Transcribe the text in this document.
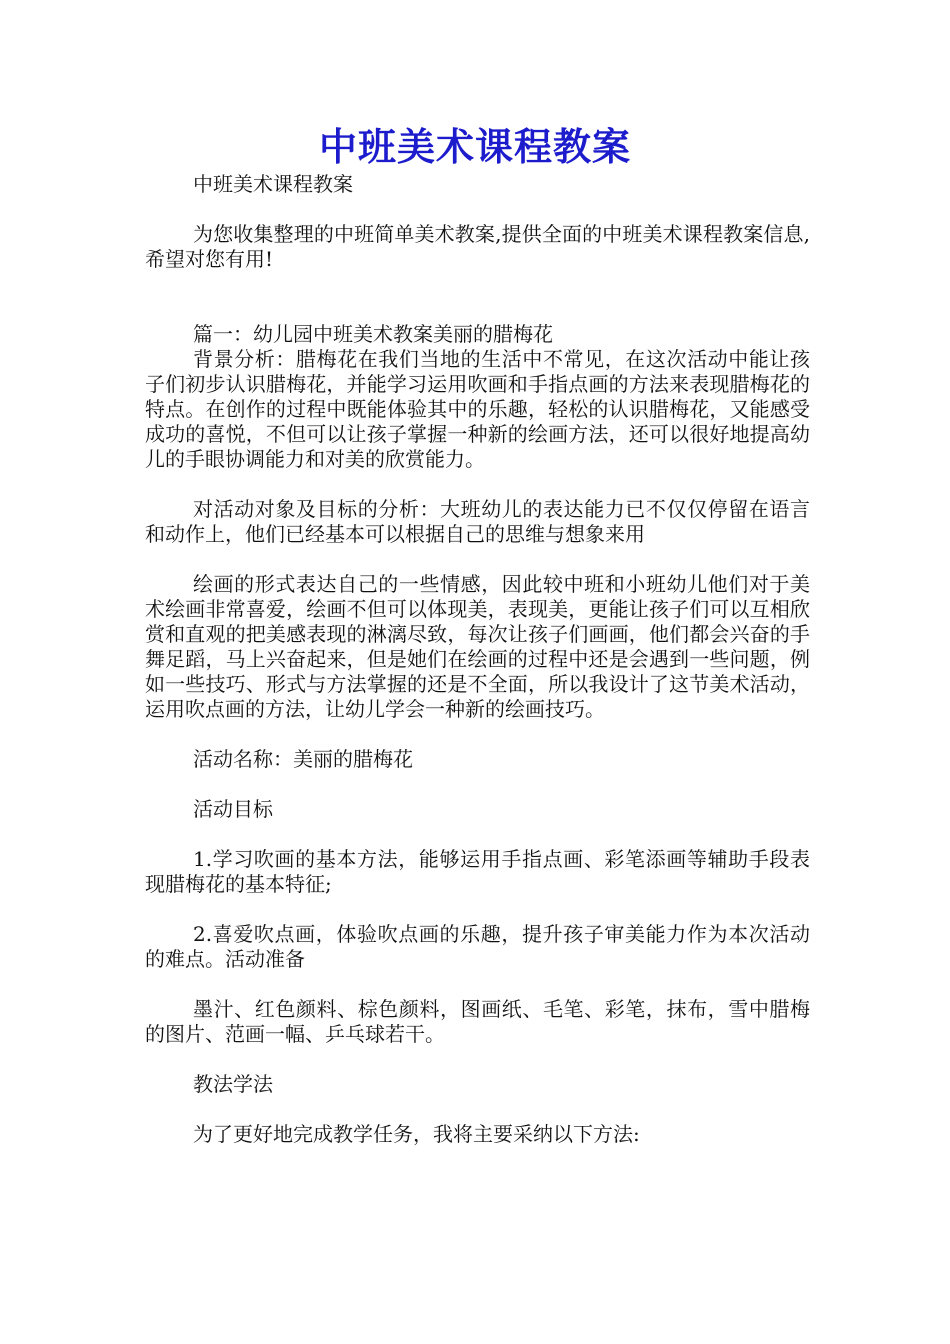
中班美术课程教案

中班美术课程教案

为您收集整理的中班简单美术教案,提供全面的中班美术课程教案信息,希望对您有用!

篇一：幼儿园中班美术教案美丽的腊梅花

背景分析：腊梅花在我们当地的生活中不常见，在这次活动中能让孩子们初步认识腊梅花，并能学习运用吹画和手指点画的方法来表现腊梅花的特点。在创作的过程中既能体验其中的乐趣，轻松的认识腊梅花，又能感受成功的喜悦，不但可以让孩子掌握一种新的绘画方法，还可以很好地提高幼儿的手眼协调能力和对美的欣赏能力。

对活动对象及目标的分析：大班幼儿的表达能力已不仅仅停留在语言和动作上，他们已经基本可以根据自己的思维与想象来用

绘画的形式表达自己的一些情感，因此较中班和小班幼儿他们对于美术绘画非常喜爱，绘画不但可以体现美，表现美，更能让孩子们可以互相欣赏和直观的把美感表现的淋漓尽致，每次让孩子们画画，他们都会兴奋的手舞足蹈，马上兴奋起来，但是她们在绘画的过程中还是会遇到一些问题，例如一些技巧、形式与方法掌握的还是不全面，所以我设计了这节美术活动，运用吹点画的方法，让幼儿学会一种新的绘画技巧。

活动名称：美丽的腊梅花

活动目标

1.学习吹画的基本方法，能够运用手指点画、彩笔添画等辅助手段表现腊梅花的基本特征;

2.喜爱吹点画，体验吹点画的乐趣，提升孩子审美能力作为本次活动的难点。活动准备

墨汁、红色颜料、棕色颜料，图画纸、毛笔、彩笔，抹布，雪中腊梅的图片、范画一幅、乒乓球若干。

教法学法

为了更好地完成教学任务，我将主要采纳以下方法:
